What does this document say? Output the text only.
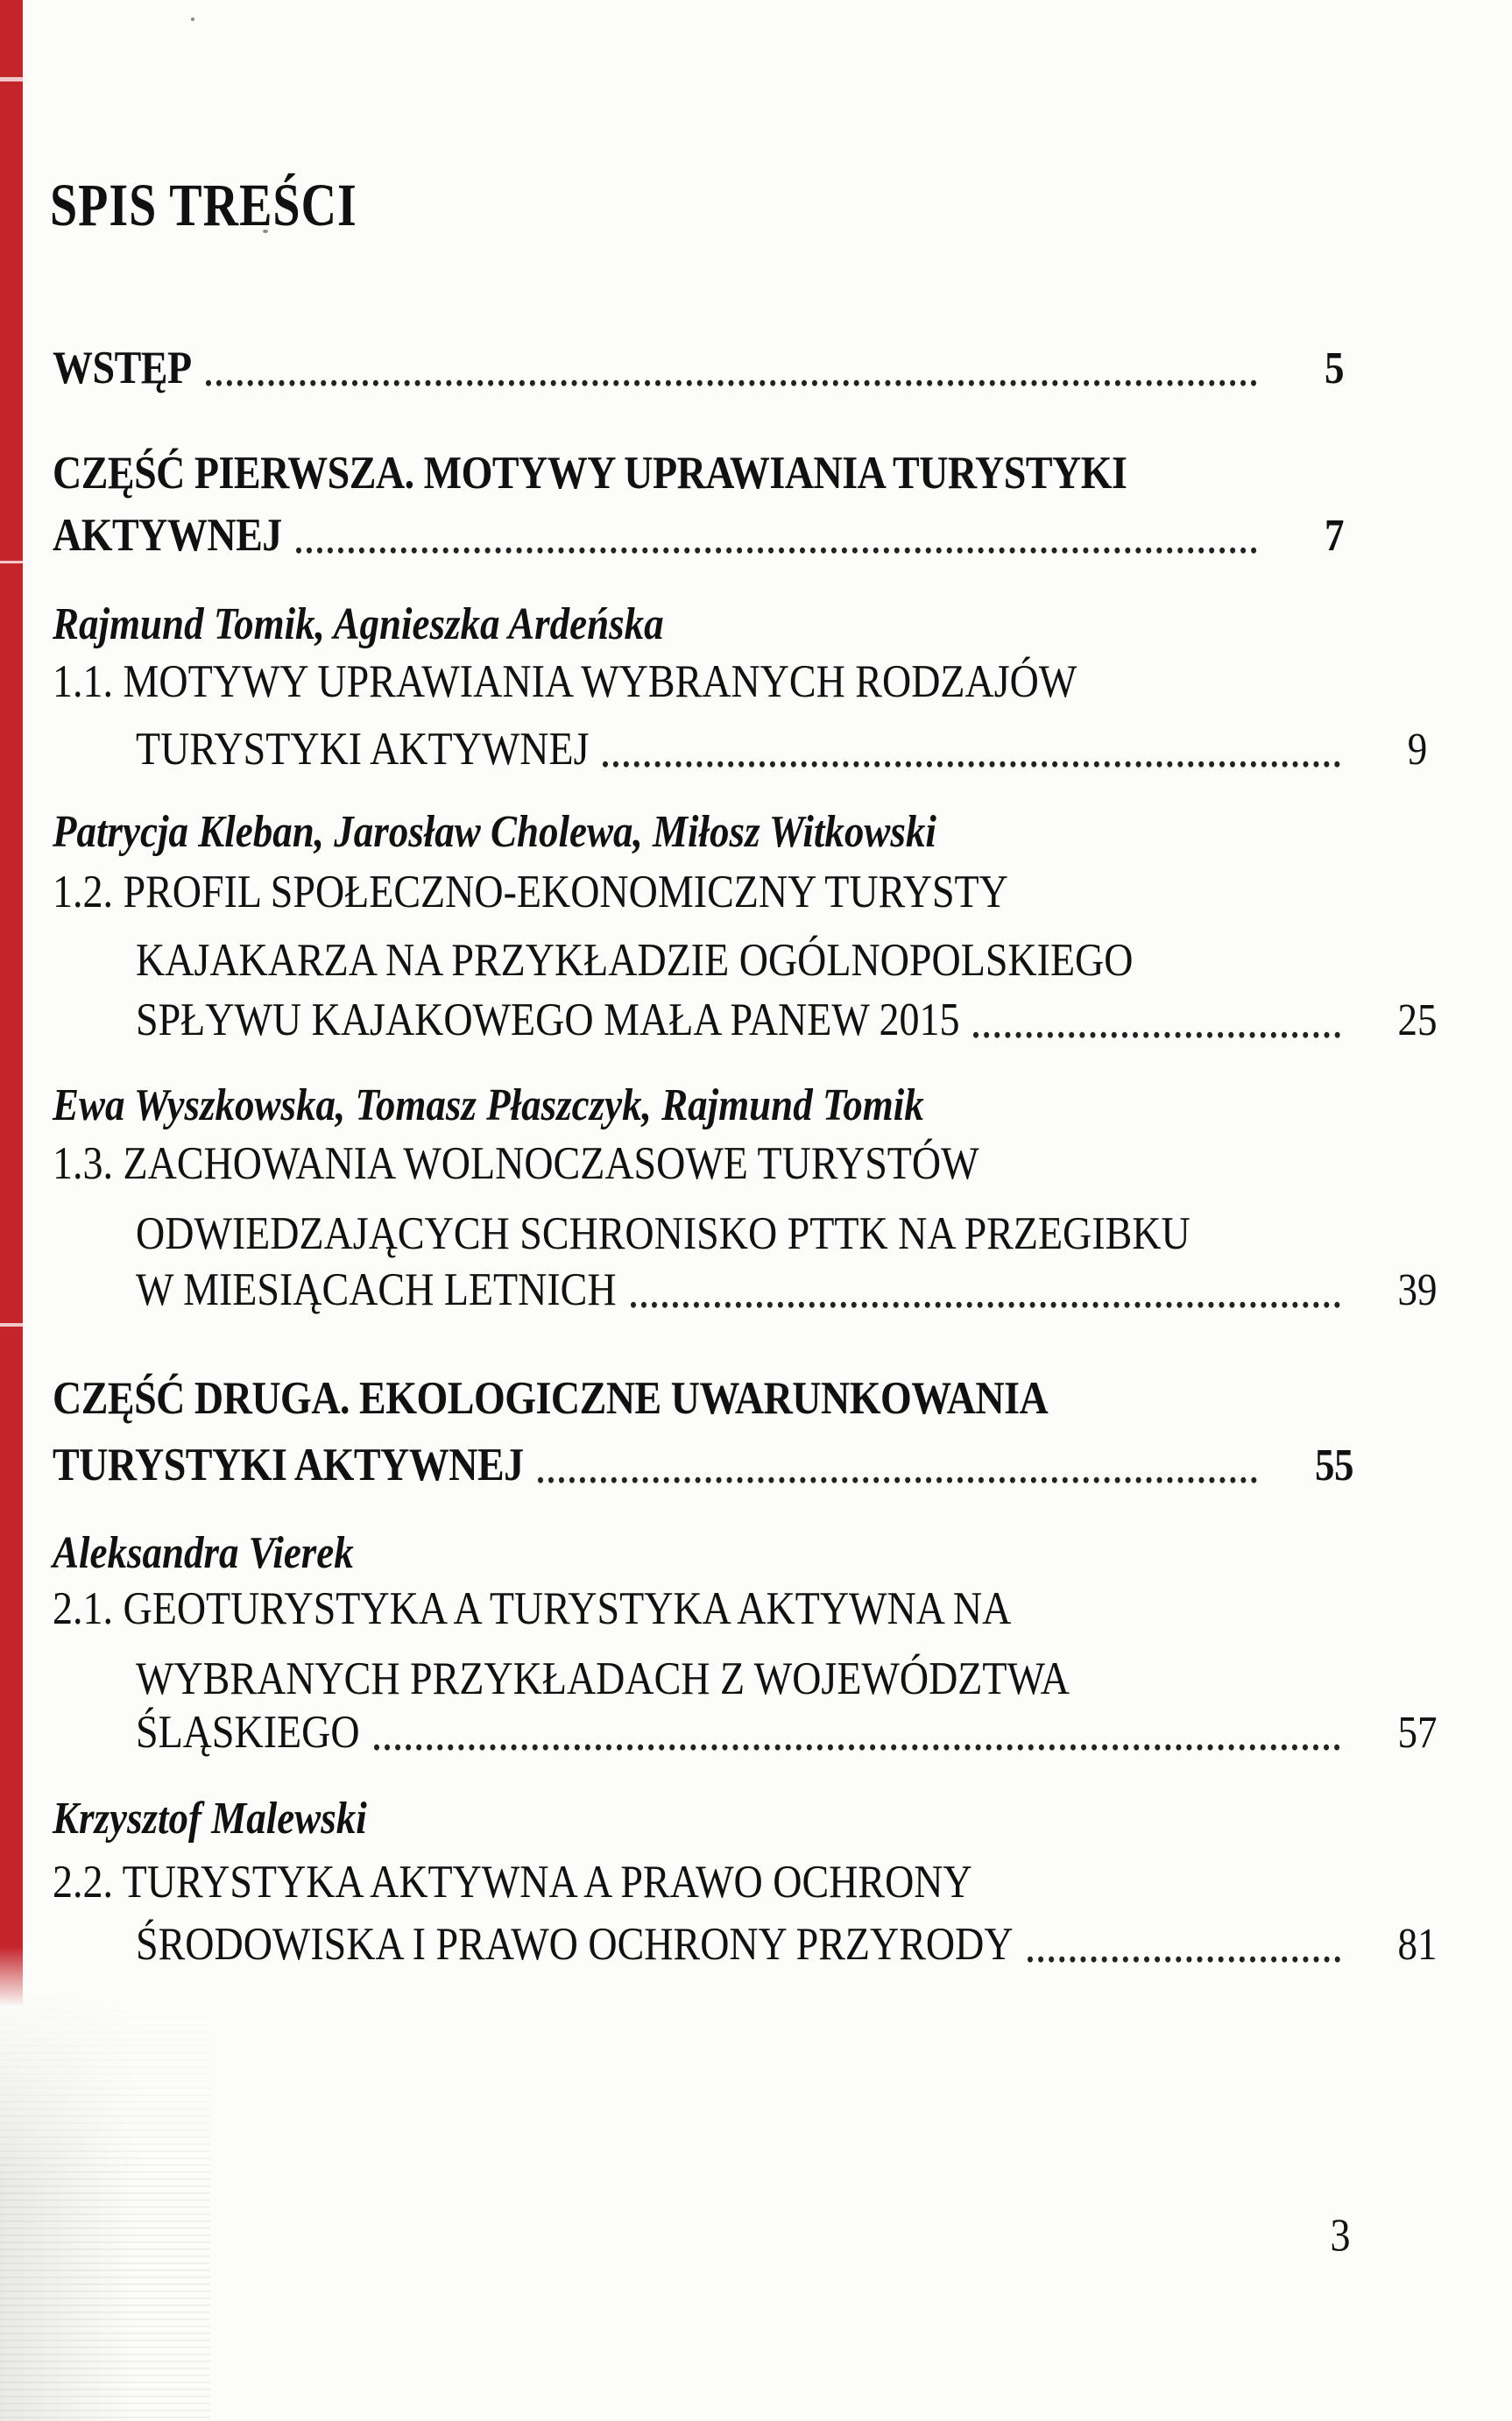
SPIS TREŚCI
WSTĘP	5
CZĘŚĆ PIERWSZA. MOTYWY UPRAWIANIA TURYSTYKI
AKTYWNEJ	7
Rajmund Tomik, Agnieszka Ardeńska
1.1. MOTYWY UPRAWIANIA WYBRANYCH RODZAJÓW
TURYSTYKI AKTYWNEJ	9
Patrycja Kleban, Jarosław Cholewa, Miłosz Witkowski
1.2. PROFIL SPOŁECZNO-EKONOMICZNY TURYSTY
KAJAKARZA NA PRZYKŁADZIE OGÓLNOPOLSKIEGO
SPŁYWU KAJAKOWEGO MAŁA PANEW 2015	25
Ewa Wyszkowska, Tomasz Płaszczyk, Rajmund Tomik
1.3. ZACHOWANIA WOLNOCZASOWE TURYSTÓW
ODWIEDZAJĄCYCH SCHRONISKO PTTK NA PRZEGIBKU
W MIESIĄCACH LETNICH	39
CZĘŚĆ DRUGA. EKOLOGICZNE UWARUNKOWANIA
TURYSTYKI AKTYWNEJ	55
Aleksandra Vierek
2.1. GEOTURYSTYKA A TURYSTYKA AKTYWNA NA
WYBRANYCH PRZYKŁADACH Z WOJEWÓDZTWA
ŚLĄSKIEGO	57
Krzysztof Malewski
2.2. TURYSTYKA AKTYWNA A PRAWO OCHRONY
ŚRODOWISKA I PRAWO OCHRONY PRZYRODY	81
3
